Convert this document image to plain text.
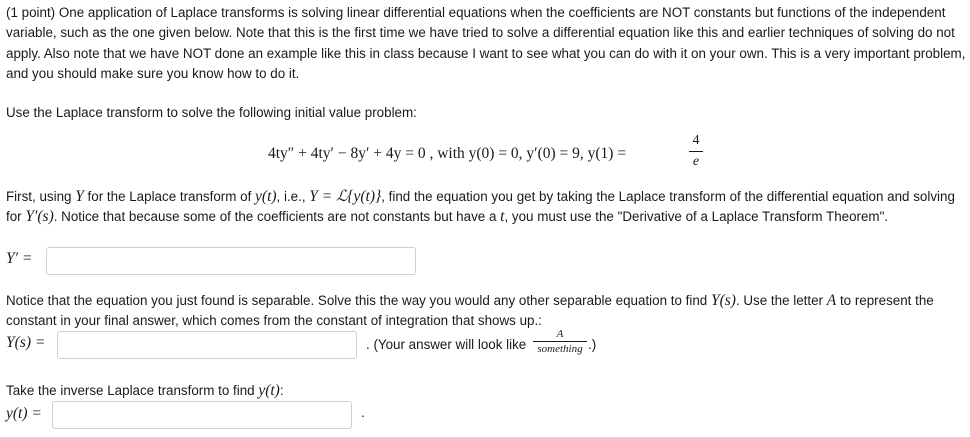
(1 point) One application of Laplace transforms is solving linear differential equations when the coefficients are NOT constants but functions of the independent variable, such as the one given below. Note that this is the first time we have tried to solve a differential equation like this and earlier techniques of solving do not apply. Also note that we have NOT done an example like this in class because I want to see what you can do with it on your own. This is a very important problem, and you should make sure you know how to do it.

Use the Laplace transform to solve the following initial value problem:

4ty″ + 4ty′ − 8y′ + 4y = 0 , with y(0) = 0, y′(0) = 9, y(1) =
4
e

First, using Y for the Laplace transform of y(t), i.e., Y = ℒ{y(t)}, find the equation you get by taking the Laplace transform of the differential equation and solving for Y′(s). Notice that because some of the coefficients are not constants but have a t, you must use the "Derivative of a Laplace Transform Theorem".

Y′ =

Notice that the equation you just found is separable. Solve this the way you would any other separable equation to find Y(s). Use the letter A to represent the constant in your final answer, which comes from the constant of integration that shows up.:

Y(s) =	. (Your answer will look like
A
something .)

Take the inverse Laplace transform to find y(t):

y(t) =	.
